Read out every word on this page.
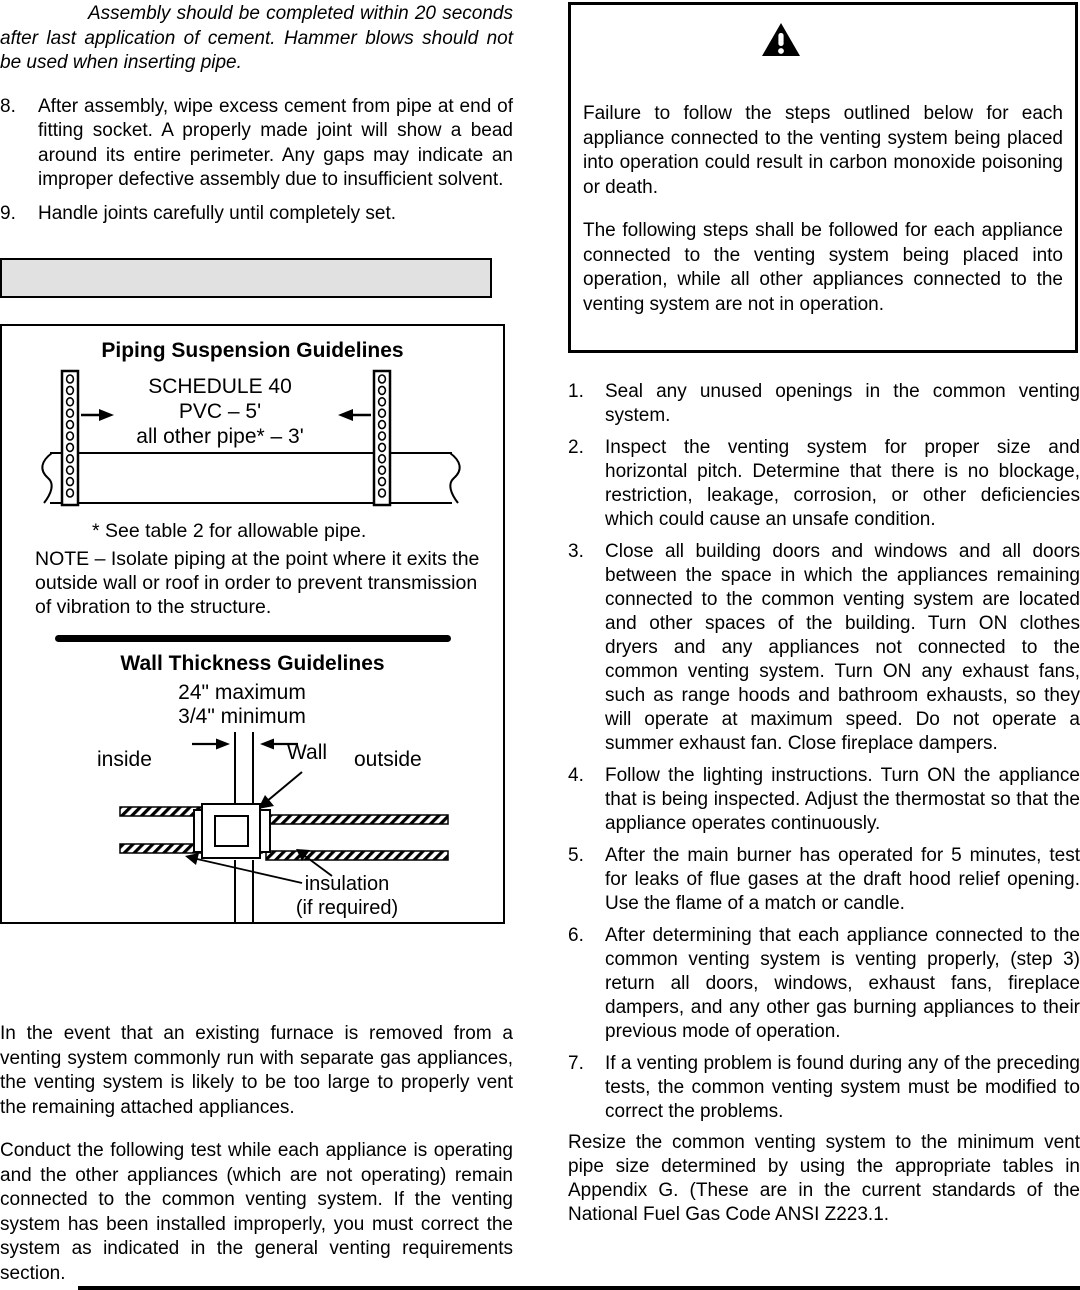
Assembly should be completed within 20 seconds after last application of cement. Hammer blows should not be used when inserting pipe.

8. After assembly, wipe excess cement from pipe at end of fitting socket. A properly made joint will show a bead around its entire perimeter. Any gaps may indicate an improper defective assembly due to insufficient solvent.
9. Handle joints carefully until completely set.
Piping Suspension Guidelines
SCHEDULE 40
PVC – 5'
all other pipe* – 3'
* See table 2 for allowable pipe.
NOTE – Isolate piping at the point where it exits the outside wall or roof in order to prevent transmission of vibration to the structure.
Wall Thickness Guidelines
24" maximum
3/4" minimum
inside	Wall outside
insulation
(if required)

In the event that an existing furnace is removed from a venting system commonly run with separate gas appliances, the venting system is likely to be too large to properly vent the remaining attached appliances.

Conduct the following test while each appliance is operating and the other appliances (which are not operating) remain connected to the common venting system. If the venting system has been installed improperly, you must correct the system as indicated in the general venting requirements section.

Failure to follow the steps outlined below for each appliance connected to the venting system being placed into operation could result in carbon monoxide poisoning or death.

The following steps shall be followed for each appliance connected to the venting system being placed into operation, while all other appliances connected to the venting system are not in operation.

1. Seal any unused openings in the common venting system.
2. Inspect the venting system for proper size and horizontal pitch. Determine that there is no blockage, restriction, leakage, corrosion, or other deficiencies which could cause an unsafe condition.
3. Close all building doors and windows and all doors between the space in which the appliances remaining connected to the common venting system are located and other spaces of the building. Turn ON clothes dryers and any appliances not connected to the common venting system. Turn ON any exhaust fans, such as range hoods and bathroom exhausts, so they will operate at maximum speed. Do not operate a summer exhaust fan. Close fireplace dampers.
4. Follow the lighting instructions. Turn ON the appliance that is being inspected. Adjust the thermostat so that the appliance operates continuously.
5. After the main burner has operated for 5 minutes, test for leaks of flue gases at the draft hood relief opening. Use the flame of a match or candle.
6. After determining that each appliance connected to the common venting system is venting properly, (step 3) return all doors, windows, exhaust fans, fireplace dampers, and any other gas burning appliances to their previous mode of operation.
7. If a venting problem is found during any of the preceding tests, the common venting system must be modified to correct the problems.

Resize the common venting system to the minimum vent pipe size determined by using the appropriate tables in Appendix G. (These are in the current standards of the National Fuel Gas Code ANSI Z223.1.
